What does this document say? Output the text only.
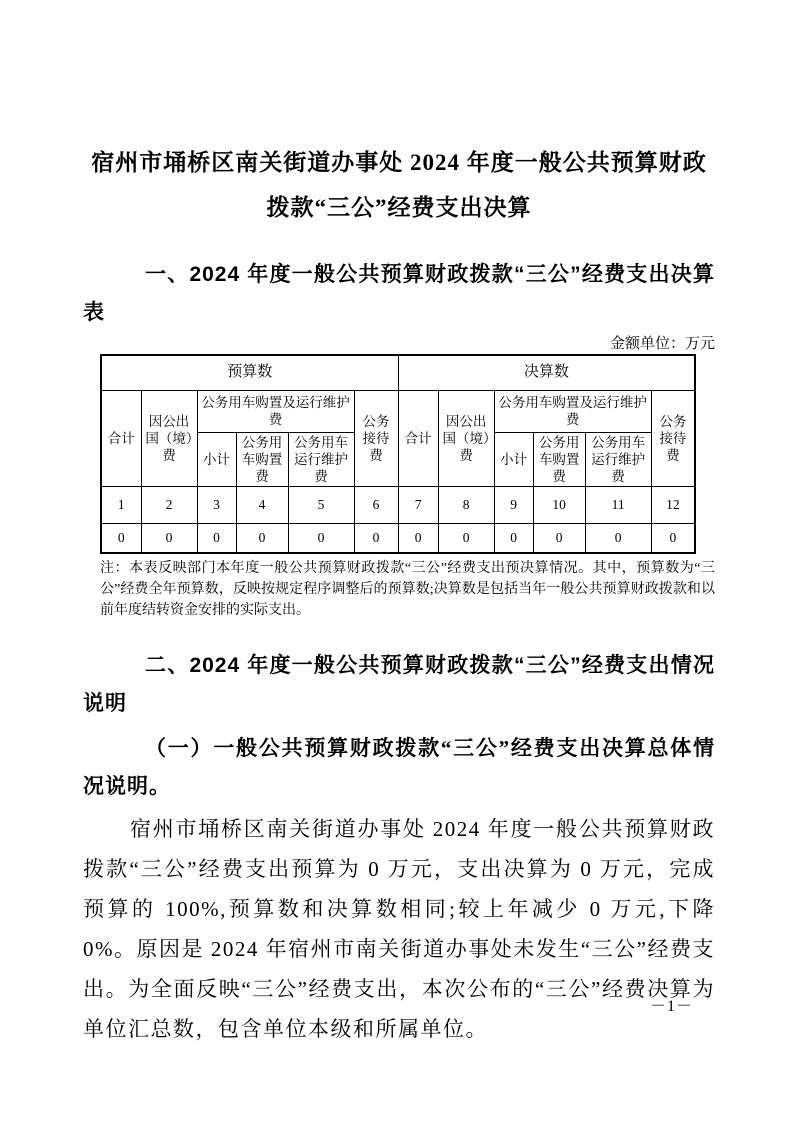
宿州市埇桥区南关街道办事处 2024 年度一般公共预算财政拨款“三公”经费支出决算
一、2024 年度一般公共预算财政拨款“三公”经费支出决算表
金额单位：万元
预算数						决算数					
合计	因公出国（境）费	公务用车购置及运行维护费			公务接待费	合计	因公出国（境）费	公务用车购置及运行维护费			公务接待费
		小计	公务用车购置费	公务用车运行维护费				小计	公务用车购置费	公务用车运行维护费	
1	2	3	4	5	6	7	8	9	10	11	12
0	0	0	0	0	0	0	0	0	0	0	0
注：本表反映部门本年度一般公共预算财政拨款“三公”经费支出预决算情况。其中，预算数为“三公”经费全年预算数，反映按规定程序调整后的预算数;决算数是包括当年一般公共预算财政拨款和以前年度结转资金安排的实际支出。
二、2024 年度一般公共预算财政拨款“三公”经费支出情况说明
（一）一般公共预算财政拨款“三公”经费支出决算总体情况说明。

宿州市埇桥区南关街道办事处 2024 年度一般公共预算财政拨款“三公”经费支出预算为 0 万元，支出决算为 0 万元，完成预算的 100%,预算数和决算数相同;较上年减少 0 万元,下降 0%。原因是 2024 年宿州市南关街道办事处未发生“三公”经费支出。为全面反映“三公”经费支出，本次公布的“三公”经费决算为单位汇总数，包含单位本级和所属单位。

－1－
